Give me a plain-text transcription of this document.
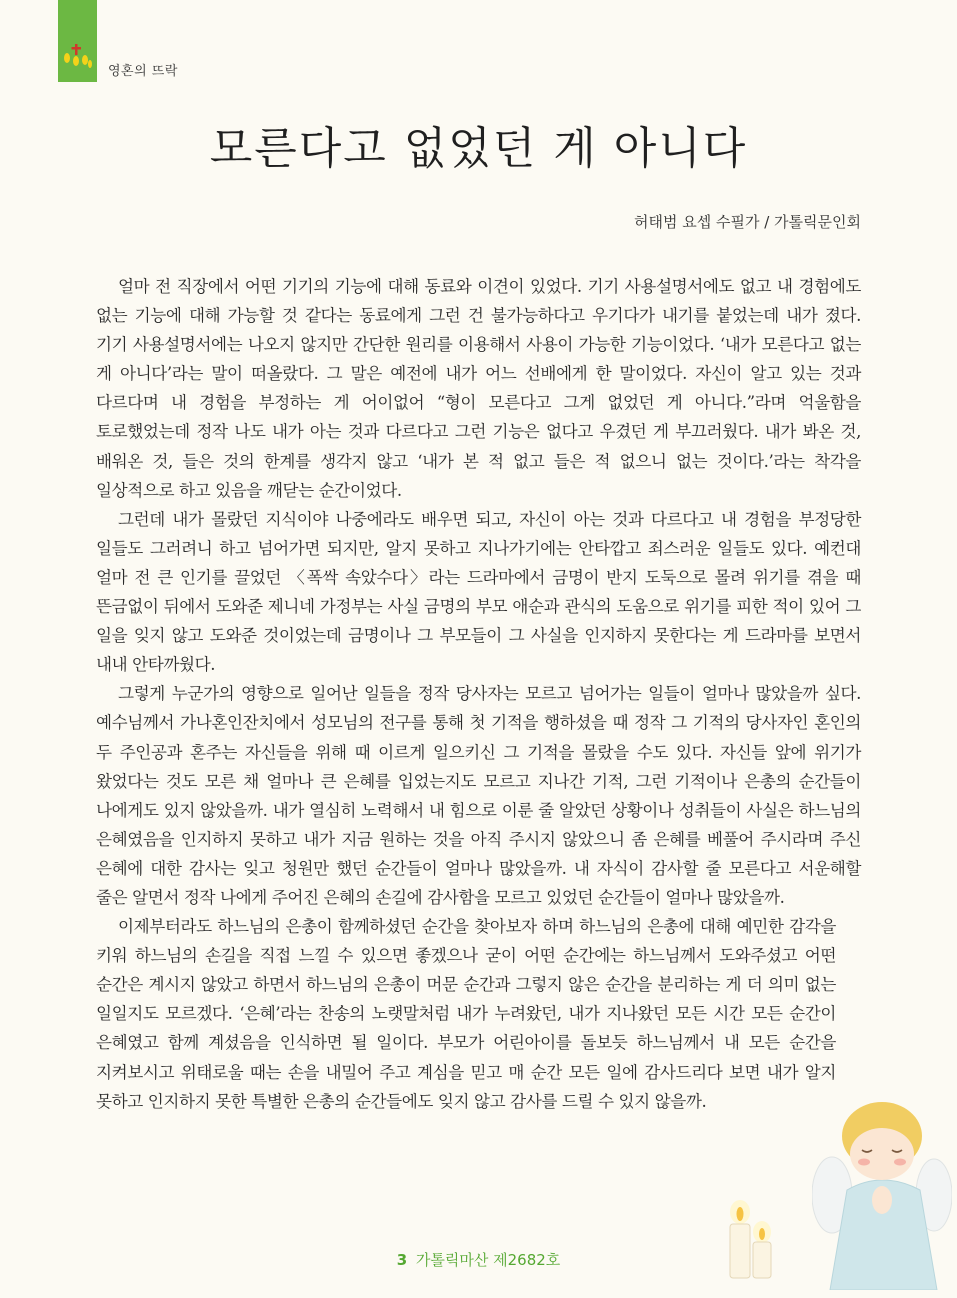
영혼의 뜨락
모른다고 없었던 게 아니다
허태범 요셉 수필가 / 가톨릭문인회

얼마 전 직장에서 어떤 기기의 기능에 대해 동료와 이견이 있었다. 기기 사용설명서에도 없고 내 경험에도 없는 기능에 대해 가능할 것 같다는 동료에게 그런 건 불가능하다고 우기다가 내기를 붙었는데 내가 졌다. 기기 사용설명서에는 나오지 않지만 간단한 원리를 이용해서 사용이 가능한 기능이었다. ‘내가 모른다고 없는 게 아니다’라는 말이 떠올랐다. 그 말은 예전에 내가 어느 선배에게 한 말이었다. 자신이 알고 있는 것과 다르다며 내 경험을 부정하는 게 어이없어 “형이 모른다고 그게 없었던 게 아니다.”라며 억울함을 토로했었는데 정작 나도 내가 아는 것과 다르다고 그런 기능은 없다고 우겼던 게 부끄러웠다. 내가 봐온 것, 배워온 것, 들은 것의 한계를 생각지 않고 ‘내가 본 적 없고 들은 적 없으니 없는 것이다.’라는 착각을 일상적으로 하고 있음을 깨닫는 순간이었다.

그런데 내가 몰랐던 지식이야 나중에라도 배우면 되고, 자신이 아는 것과 다르다고 내 경험을 부정당한 일들도 그러려니 하고 넘어가면 되지만, 알지 못하고 지나가기에는 안타깝고 죄스러운 일들도 있다. 예컨대 얼마 전 큰 인기를 끌었던 〈폭싹 속았수다〉라는 드라마에서 금명이 반지 도둑으로 몰려 위기를 겪을 때 뜬금없이 뒤에서 도와준 제니네 가정부는 사실 금명의 부모 애순과 관식의 도움으로 위기를 피한 적이 있어 그 일을 잊지 않고 도와준 것이었는데 금명이나 그 부모들이 그 사실을 인지하지 못한다는 게 드라마를 보면서 내내 안타까웠다.

그렇게 누군가의 영향으로 일어난 일들을 정작 당사자는 모르고 넘어가는 일들이 얼마나 많았을까 싶다. 예수님께서 가나혼인잔치에서 성모님의 전구를 통해 첫 기적을 행하셨을 때 정작 그 기적의 당사자인 혼인의 두 주인공과 혼주는 자신들을 위해 때 이르게 일으키신 그 기적을 몰랐을 수도 있다. 자신들 앞에 위기가 왔었다는 것도 모른 채 얼마나 큰 은혜를 입었는지도 모르고 지나간 기적, 그런 기적이나 은총의 순간들이 나에게도 있지 않았을까. 내가 열심히 노력해서 내 힘으로 이룬 줄 알았던 상황이나 성취들이 사실은 하느님의 은혜였음을 인지하지 못하고 내가 지금 원하는 것을 아직 주시지 않았으니 좀 은혜를 베풀어 주시라며 주신 은혜에 대한 감사는 잊고 청원만 했던 순간들이 얼마나 많았을까. 내 자식이 감사할 줄 모른다고 서운해할 줄은 알면서 정작 나에게 주어진 은혜의 손길에 감사함을 모르고 있었던 순간들이 얼마나 많았을까.

이제부터라도 하느님의 은총이 함께하셨던 순간을 찾아보자 하며 하느님의 은총에 대해 예민한 감각을 키워 하느님의 손길을 직접 느낄 수 있으면 좋겠으나 굳이 어떤 순간에는 하느님께서 도와주셨고 어떤 순간은 계시지 않았고 하면서 하느님의 은총이 머문 순간과 그렇지 않은 순간을 분리하는 게 더 의미 없는 일일지도 모르겠다. ‘은혜’라는 찬송의 노랫말처럼 내가 누려왔던, 내가 지나왔던 모든 시간 모든 순간이 은혜였고 함께 계셨음을 인식하면 될 일이다. 부모가 어린아이를 돌보듯 하느님께서 내 모든 순간을 지켜보시고 위태로울 때는 손을 내밀어 주고 계심을 믿고 매 순간 모든 일에 감사드리다 보면 내가 알지 못하고 인지하지 못한 특별한 은총의 순간들에도 잊지 않고 감사를 드릴 수 있지 않을까.

3 가톨릭마산 제2682호
